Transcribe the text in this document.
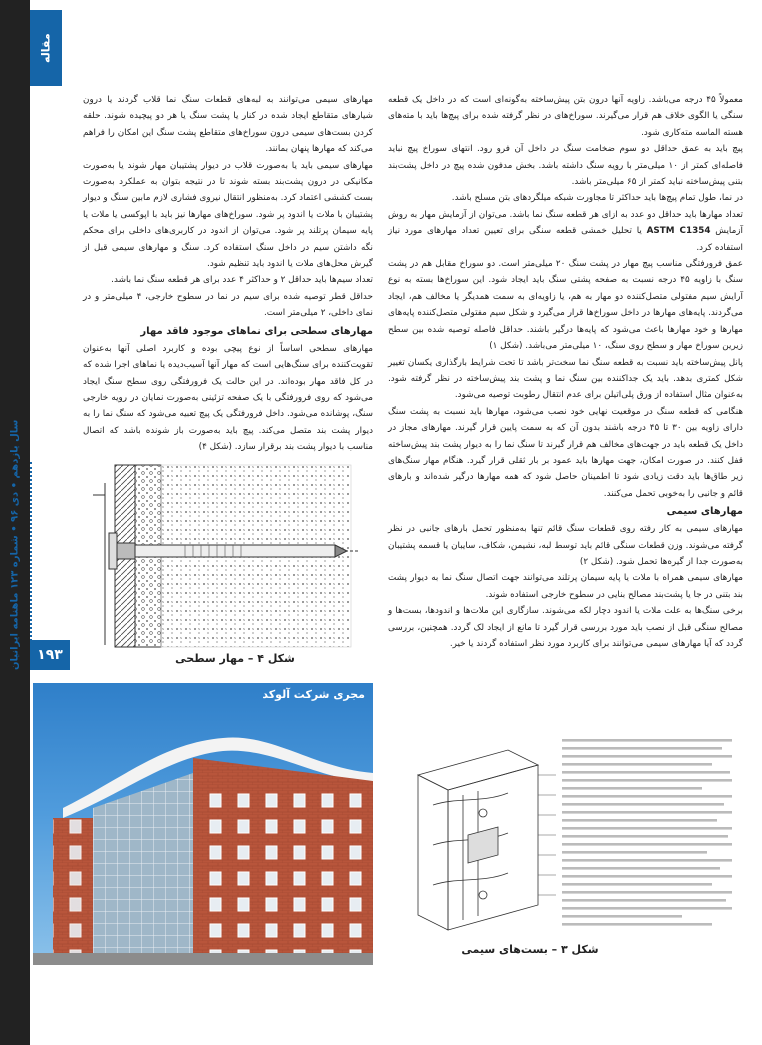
مقاله
ماهنامه ایرانیان
سال یازدهم • دی ۹۶ • شماره ۱۲۳
۱۹۳

معمولاً ۴۵ درجه می‌باشد. زاویه آنها درون بتن پیش‌ساخته به‌گونه‌ای است که در داخل یک قطعه سنگی یا الگوی خلاف هم قرار می‌گیرند. سوراخ‌های در نظر گرفته شده برای پیچ‌ها باید با مته‌های هسته الماسه مته‌کاری شود.

پیچ باید به عمق حداقل دو سوم ضخامت سنگ در داخل آن فرو رود. انتهای سوراخ پیچ نباید فاصله‌ای کمتر از ۱۰ میلی‌متر با رویه سنگ داشته باشد. بخش مدفون شده پیچ در داخل پشت‌بند بتنی پیش‌ساخته نباید کمتر از ۶۵ میلی‌متر باشد.

در نما، طول تمام پیچ‌ها باید حداکثر تا مجاورت شبکه میلگردهای بتن مسلح باشد.

تعداد مهارها باید حداقل دو عدد به ازای هر قطعه سنگ نما باشد. می‌توان از آزمایش مهار به روش آزمایش ASTM C1354 یا تحلیل خمشی قطعه سنگی برای تعیین تعداد مهارهای مورد نیاز استفاده کرد.

عمق فرورفتگی مناسب پیچ مهار در پشت سنگ ۲۰ میلی‌متر است. دو سوراخ مقابل هم در پشت سنگ با زاویه ۴۵ درجه نسبت به صفحه پشتی سنگ باید ایجاد شود. این سوراخ‌ها بسته به نوع آرایش سیم مفتولی متصل‌کننده دو مهار به هم، یا زاویه‌ای به سمت همدیگر یا مخالف هم، ایجاد می‌گردند. پایه‌های مهارها در داخل سوراخ‌ها قرار می‌گیرد و شکل سیم مفتولی متصل‌کننده پایه‌های مهارها و خود مهارها باعث می‌شود که پایه‌ها درگیر باشند. حداقل فاصله توصیه شده بین سطح زیرین سوراخ مهار و سطح روی سنگ، ۱۰ میلی‌متر می‌باشد. (شکل ۱)

پانل پیش‌ساخته باید نسبت به قطعه سنگ نما سخت‌تر باشد تا تحت شرایط بارگذاری یکسان تغییر شکل کمتری بدهد. باید یک جداکننده بین سنگ نما و پشت بند پیش‌ساخته در نظر گرفته شود. به‌عنوان مثال استفاده از ورق پلی‌اتیلن برای عدم انتقال رطوبت توصیه می‌شود.

هنگامی که قطعه سنگ در موقعیت نهایی خود نصب می‌شود، مهارها باید نسبت به پشت سنگ دارای زاویه بین ۳۰ تا ۴۵ درجه باشند بدون آن که به سمت پایین قرار گیرند. مهارهای مجاز در داخل یک قطعه باید در جهت‌های مخالف هم قرار گیرند تا سنگ نما را به دیوار پشت بند پیش‌ساخته قفل کنند. در صورت امکان، جهت مهارها باید عمود بر بار ثقلی قرار گیرد. هنگام مهار سنگ‌های زیر طاق‌ها باید دقت زیادی شود تا اطمینان حاصل شود که همه مهارها درگیر شده‌اند و بارهای قائم و جانبی را به‌خوبی تحمل می‌کنند.

مهارهای سیمی

مهارهای سیمی به کار رفته روی قطعات سنگ قائم تنها به‌منظور تحمل بارهای جانبی در نظر گرفته می‌شوند. وزن قطعات سنگی قائم باید توسط لبه، نشیمن، شکاف، سایبان یا قسمه پشتیبان به‌صورت جدا از گیره‌ها تحمل شود. (شکل ۲)

مهارهای سیمی همراه با ملات یا پایه سیمان پرتلند می‌توانند جهت اتصال سنگ نما به دیوار پشت بند بتنی در جا یا پشت‌بند مصالح بنایی در سطوح خارجی استفاده شوند.

برخی سنگ‌ها به علت ملات یا اندود دچار لکه می‌شوند. سازگاری این ملات‌ها و اندودها، بست‌ها و مصالح سنگی قبل از نصب باید مورد بررسی قرار گیرد تا مانع از ایجاد لک گردد. همچنین، بررسی گردد که آیا مهارهای سیمی می‌توانند برای کاربرد مورد نظر استفاده گردند یا خیر.

مهارهای سیمی می‌توانند به لبه‌های قطعات سنگ نما قلاب گردند یا درون شیارهای متقاطع ایجاد شده در کنار یا پشت سنگ یا هر دو پیچیده شوند. حلقه کردن بست‌های سیمی درون سوراخ‌های متقاطع پشت سنگ این امکان را فراهم می‌کند که مهارها پنهان بمانند.

مهارهای سیمی باید یا به‌صورت قلاب در دیوار پشتیبان مهار شوند یا به‌صورت مکانیکی در درون پشت‌بند بسته شوند تا در نتیجه بتوان به عملکرد به‌صورت بست کششی اعتماد کرد. به‌منظور انتقال نیروی فشاری لازم مابین سنگ و دیوار پشتیبان با ملات یا اندود پر شود. سوراخ‌های مهارها نیز باید با اپوکسی یا ملات یا پایه سیمان پرتلند پر شود. می‌توان از اندود در کاربری‌های داخلی برای محکم نگه داشتن سیم در داخل سنگ استفاده کرد. سنگ و مهارهای سیمی قبل از گیرش محل‌های ملات یا اندود باید تنظیم شود.

تعداد سیم‌ها باید حداقل ۲ و حداکثر ۴ عدد برای هر قطعه سنگ نما باشد.

حداقل قطر توصیه شده برای سیم در نما در سطوح خارجی، ۴ میلی‌متر و در نمای داخلی، ۲ میلی‌متر است.

مهارهای سطحی برای نماهای موجود فاقد مهار

مهارهای سطحی اساساً از نوع پیچی بوده و کاربرد اصلی آنها به‌عنوان تقویت‌کننده برای سنگ‌هایی است که مهار آنها آسیب‌دیده یا نماهای اجرا شده که در کل فاقد مهار بوده‌اند. در این حالت یک فرورفتگی روی سطح سنگ ایجاد می‌شود که روی فرورفتگی با یک صفحه تزئینی به‌صورت نمایان در رویه خارجی سنگ، پوشانده می‌شود. داخل فرورفتگی یک پیچ تعبیه می‌شود که سنگ نما را به دیوار پشت بند متصل می‌کند. پیچ باید به‌صورت باز شونده باشد که اتصال مناسب با دیوار پشت بند برقرار سازد. (شکل ۴)

شکل ۴ – مهار سطحی
مجری شرکت آلوکد
شکل ۳ – بست‌های سیمی
